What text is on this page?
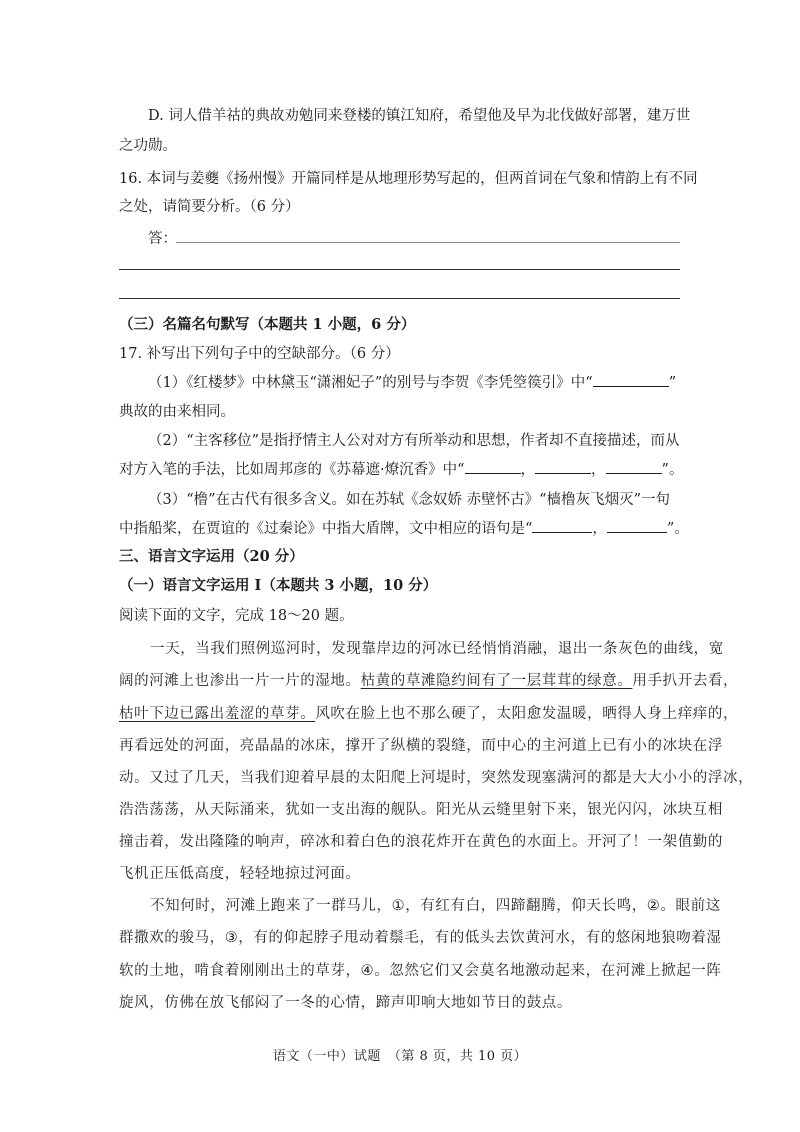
D. 词人借羊祜的典故劝勉同来登楼的镇江知府，希望他及早为北伐做好部署，建万世
之功勋。
16. 本词与姜夔《扬州慢》开篇同样是从地理形势写起的，但两首词在气象和情韵上有不同
之处，请简要分析。（6 分）
答：
（三）名篇名句默写（本题共 1 小题，6 分）
17. 补写出下列句子中的空缺部分。（6 分）
（1）《红楼梦》中林黛玉“潇湘妃子”的别号与李贺《李凭箜篌引》中“	”
典故的由来相同。
（2）“主客移位”是指抒情主人公对对方有所举动和思想，作者却不直接描述，而从
对方入笔的手法，比如周邦彦的《苏幕遮·燎沉香》中“	，	，	”。
（3）“橹”在古代有很多含义。如在苏轼《念奴娇 赤壁怀古》“樯橹灰飞烟灭”一句
中指船桨，在贾谊的《过秦论》中指大盾牌，文中相应的语句是“	，	”。
三、语言文字运用（20 分）
（一）语言文字运用 Ⅰ（本题共 3 小题，10 分）
阅读下面的文字，完成 18～20 题。
一天，当我们照例巡河时，发现靠岸边的河冰已经悄悄消融，退出一条灰色的曲线，宽
阔的河滩上也渗出一片一片的湿地。枯黄的草滩隐约间有了一层茸茸的绿意。用手扒开去看，
枯叶下边已露出羞涩的草芽。风吹在脸上也不那么硬了，太阳愈发温暖，晒得人身上痒痒的，
再看远处的河面，亮晶晶的冰床，撑开了纵横的裂缝，而中心的主河道上已有小的冰块在浮
动。又过了几天，当我们迎着早晨的太阳爬上河堤时，突然发现塞满河的都是大大小小的浮冰，
浩浩荡荡，从天际涌来，犹如一支出海的舰队。阳光从云缝里射下来，银光闪闪，冰块互相
撞击着，发出隆隆的响声，碎冰和着白色的浪花炸开在黄色的水面上。开河了！一架值勤的
飞机正压低高度，轻轻地掠过河面。
不知何时，河滩上跑来了一群马儿，①，有红有白，四蹄翻腾，仰天长鸣，②。眼前这
群撒欢的骏马，③，有的仰起脖子甩动着鬃毛，有的低头去饮黄河水，有的悠闲地狼吻着湿
软的土地，啃食着刚刚出土的草芽，④。忽然它们又会莫名地激动起来，在河滩上掀起一阵
旋风，仿佛在放飞郁闷了一冬的心情，蹄声叩响大地如节日的鼓点。
语文（一中）试题　（第 8 页，共 10 页）
